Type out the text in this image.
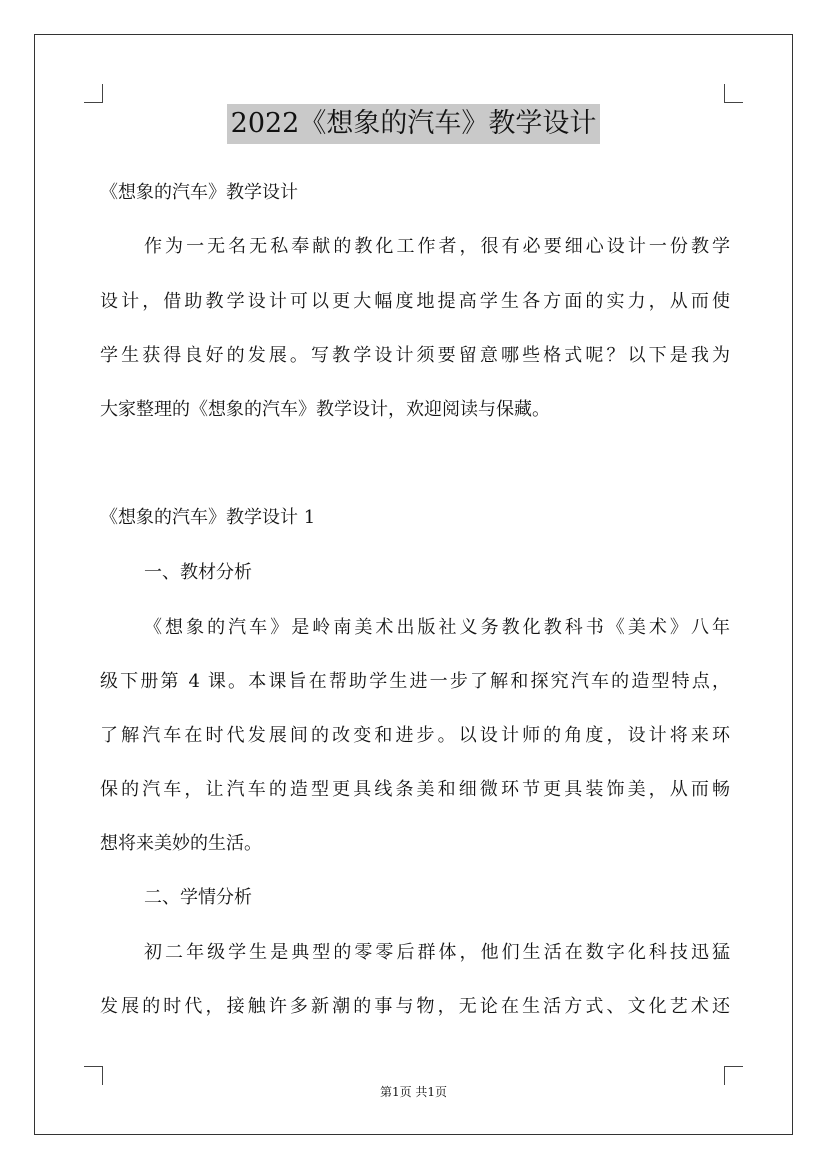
2022《想象的汽车》教学设计
《想象的汽车》教学设计
作为一无名无私奉献的教化工作者，很有必要细心设计一份教学
设计，借助教学设计可以更大幅度地提高学生各方面的实力，从而使
学生获得良好的发展。写教学设计须要留意哪些格式呢？以下是我为
大家整理的《想象的汽车》教学设计，欢迎阅读与保藏。
《想象的汽车》教学设计 1
一、教材分析
《想象的汽车》是岭南美术出版社义务教化教科书《美术》八年
级下册第 4 课。本课旨在帮助学生进一步了解和探究汽车的造型特点，
了解汽车在时代发展间的改变和进步。以设计师的角度，设计将来环
保的汽车，让汽车的造型更具线条美和细微环节更具装饰美，从而畅
想将来美妙的生活。
二、学情分析
初二年级学生是典型的零零后群体，他们生活在数字化科技迅猛
发展的时代，接触许多新潮的事与物，无论在生活方式、文化艺术还
第1页 共1页
